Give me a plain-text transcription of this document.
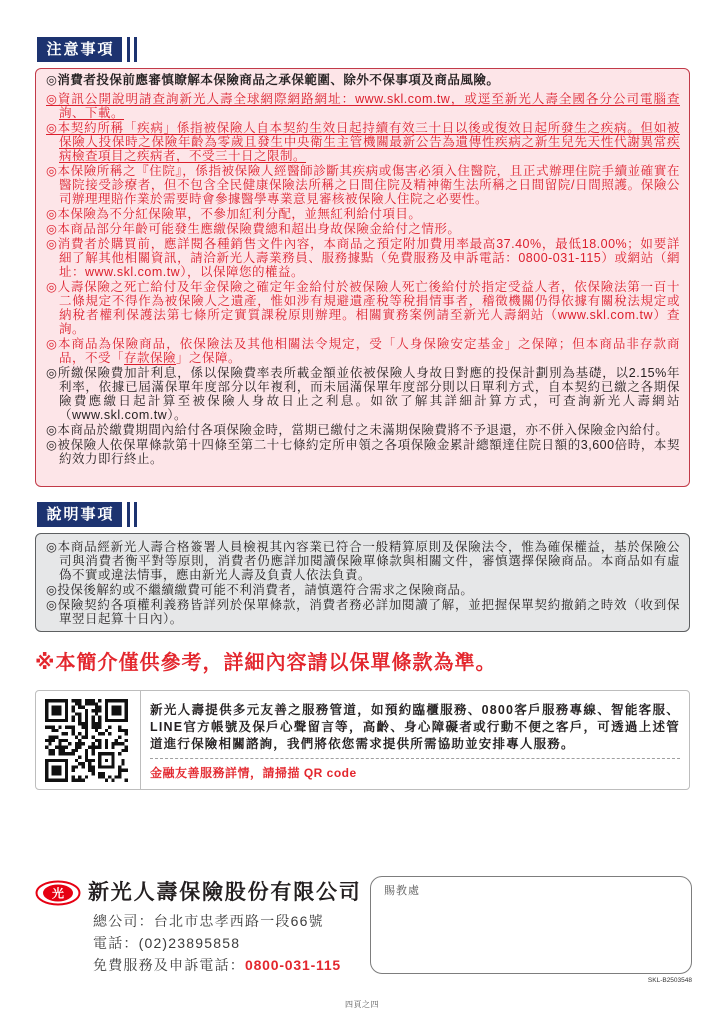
注意事項

◎消費者投保前應審慎瞭解本保險商品之承保範圍、除外不保事項及商品風險。

◎資訊公開說明請查詢新光人壽全球網際網路網址：www.skl.com.tw，或逕至新光人壽全國各分公司電腦查詢、下載。

◎本契約所稱「疾病」係指被保險人自本契約生效日起持續有效三十日以後或復效日起所發生之疾病。但如被保險人投保時之保險年齡為零歲且發生中央衛生主管機關最新公告為遺傳性疾病之新生兒先天性代謝異常疾病檢查項目之疾病者，不受三十日之限制。

◎本保險所稱之『住院』，係指被保險人經醫師診斷其疾病或傷害必須入住醫院，且正式辦理住院手續並確實在醫院接受診療者，但不包含全民健康保險法所稱之日間住院及精神衛生法所稱之日間留院/日間照護。保險公司辦理理賠作業於需要時會參據醫學專業意見審核被保險人住院之必要性。

◎本保險為不分紅保險單，不參加紅利分配，並無紅利給付項目。

◎本商品部分年齡可能發生應繳保險費總和超出身故保險金給付之情形。

◎消費者於購買前，應詳閱各種銷售文件內容，本商品之預定附加費用率最高37.40%，最低18.00%；如要詳細了解其他相關資訊，請洽新光人壽業務員、服務據點（免費服務及申訴電話：0800-031-115）或網站（網址：www.skl.com.tw），以保障您的權益。

◎人壽保險之死亡給付及年金保險之確定年金給付於被保險人死亡後給付於指定受益人者，依保險法第一百十二條規定不得作為被保險人之遺產，惟如涉有規避遺產稅等稅捐情事者，稽徵機關仍得依據有關稅法規定或納稅者權利保護法第七條所定實質課稅原則辦理。相關實務案例請至新光人壽網站（www.skl.com.tw）查詢。

◎本商品為保險商品，依保險法及其他相關法令規定，受「人身保險安定基金」之保障；但本商品非存款商品，不受「存款保險」之保障。

◎所繳保險費加計利息，係以保險費率表所載金額並依被保險人身故日對應的投保計劃別為基礎，以2.15%年利率，依據已屆滿保單年度部分以年複利，而未屆滿保單年度部分則以日單利方式，自本契約已繳之各期保險費應繳日起計算至被保險人身故日止之利息。如欲了解其詳細計算方式，可查詢新光人壽網站（www.skl.com.tw）。

◎本商品於繳費期間內給付各項保險金時，當期已繳付之未滿期保險費將不予退還，亦不併入保險金內給付。

◎被保險人依保單條款第十四條至第二十七條約定所申領之各項保險金累計總額達住院日額的3,600倍時，本契約效力即行終止。

說明事項

◎本商品經新光人壽合格簽署人員檢視其內容業已符合一般精算原則及保險法令，惟為確保權益，基於保險公司與消費者衡平對等原則，消費者仍應詳加閱讀保險單條款與相關文件，審慎選擇保險商品。本商品如有虛偽不實或違法情事，應由新光人壽及負責人依法負責。

◎投保後解約或不繼續繳費可能不利消費者，請慎選符合需求之保險商品。

◎保險契約各項權利義務皆詳列於保單條款，消費者務必詳加閱讀了解，並把握保單契約撤銷之時效（收到保單翌日起算十日內）。

※本簡介僅供參考，詳細內容請以保單條款為準。
新光人壽提供多元友善之服務管道，如預約臨櫃服務、0800客戶服務專線、智能客服、LINE官方帳號及保戶心聲留言等，高齡、身心障礙者或行動不便之客戶，可透過上述管道進行保險相關諮詢，我們將依您需求提供所需協助並安排專人服務。
金融友善服務詳情，請掃描 QR code
光 新光人壽保險股份有限公司
總公司：台北市忠孝西路一段66號
電話：(02)23895858
免費服務及申訴電話：0800-031-115
賜教處
SKL-B2503548
四頁之四
